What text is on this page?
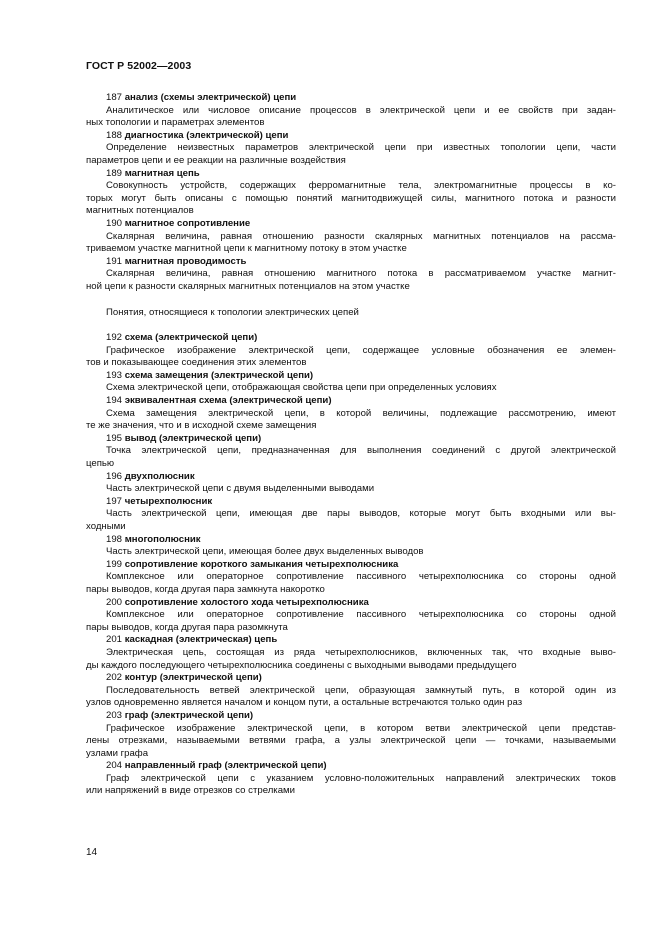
ГОСТ Р 52002—2003
187 анализ (схемы электрической) цепи
Аналитическое или числовое описание процессов в электрической цепи и ее свойств при задан-
ных топологии и параметрах элементов
188 диагностика (электрической) цепи
Определение неизвестных параметров электрической цепи при известных топологии цепи, части
параметров цепи и ее реакции на различные воздействия
189 магнитная цепь
Совокупность устройств, содержащих ферромагнитные тела, электромагнитные процессы в ко-
торых могут быть описаны с помощью понятий магнитодвижущей силы, магнитного потока и разности
магнитных потенциалов
190 магнитное сопротивление
Скалярная величина, равная отношению разности скалярных магнитных потенциалов на рассма-
триваемом участке магнитной цепи к магнитному потоку в этом участке
191 магнитная проводимость
Скалярная величина, равная отношению магнитного потока в рассматриваемом участке магнит-
ной цепи к разности скалярных магнитных потенциалов на этом участке
Понятия, относящиеся к топологии электрических цепей
192 схема (электрической цепи)
Графическое изображение электрической цепи, содержащее условные обозначения ее элемен-
тов и показывающее соединения этих элементов
193 схема замещения (электрической цепи)
Схема электрической цепи, отображающая свойства цепи при определенных условиях
194 эквивалентная схема (электрической цепи)
Схема замещения электрической цепи, в которой величины, подлежащие рассмотрению, имеют
те же значения, что и в исходной схеме замещения
195 вывод (электрической цепи)
Точка электрической цепи, предназначенная для выполнения соединений с другой электрической
цепью
196 двухполюсник
Часть электрической цепи с двумя выделенными выводами
197 четырехполюсник
Часть электрической цепи, имеющая две пары выводов, которые могут быть входными или вы-
ходными
198 многополюсник
Часть электрической цепи, имеющая более двух выделенных выводов
199 сопротивление короткого замыкания четырехполюсника
Комплексное или операторное сопротивление пассивного четырехполюсника со стороны одной
пары выводов, когда другая пара замкнута накоротко
200 сопротивление холостого хода четырехполюсника
Комплексное или операторное сопротивление пассивного четырехполюсника со стороны одной
пары выводов, когда другая пара разомкнута
201 каскадная (электрическая) цепь
Электрическая цепь, состоящая из ряда четырехполюсников, включенных так, что входные выво-
ды каждого последующего четырехполюсника соединены с выходными выводами предыдущего
202 контур (электрической цепи)
Последовательность ветвей электрической цепи, образующая замкнутый путь, в которой один из
узлов одновременно является началом и концом пути, а остальные встречаются только один раз
203 граф (электрической цепи)
Графическое изображение электрической цепи, в котором ветви электрической цепи представ-
лены отрезками, называемыми ветвями графа, а узлы электрической цепи — точками, называемыми
узлами графа
204 направленный граф (электрической цепи)
Граф электрической цепи с указанием условно-положительных направлений электрических токов
или напряжений в виде отрезков со стрелками
14
